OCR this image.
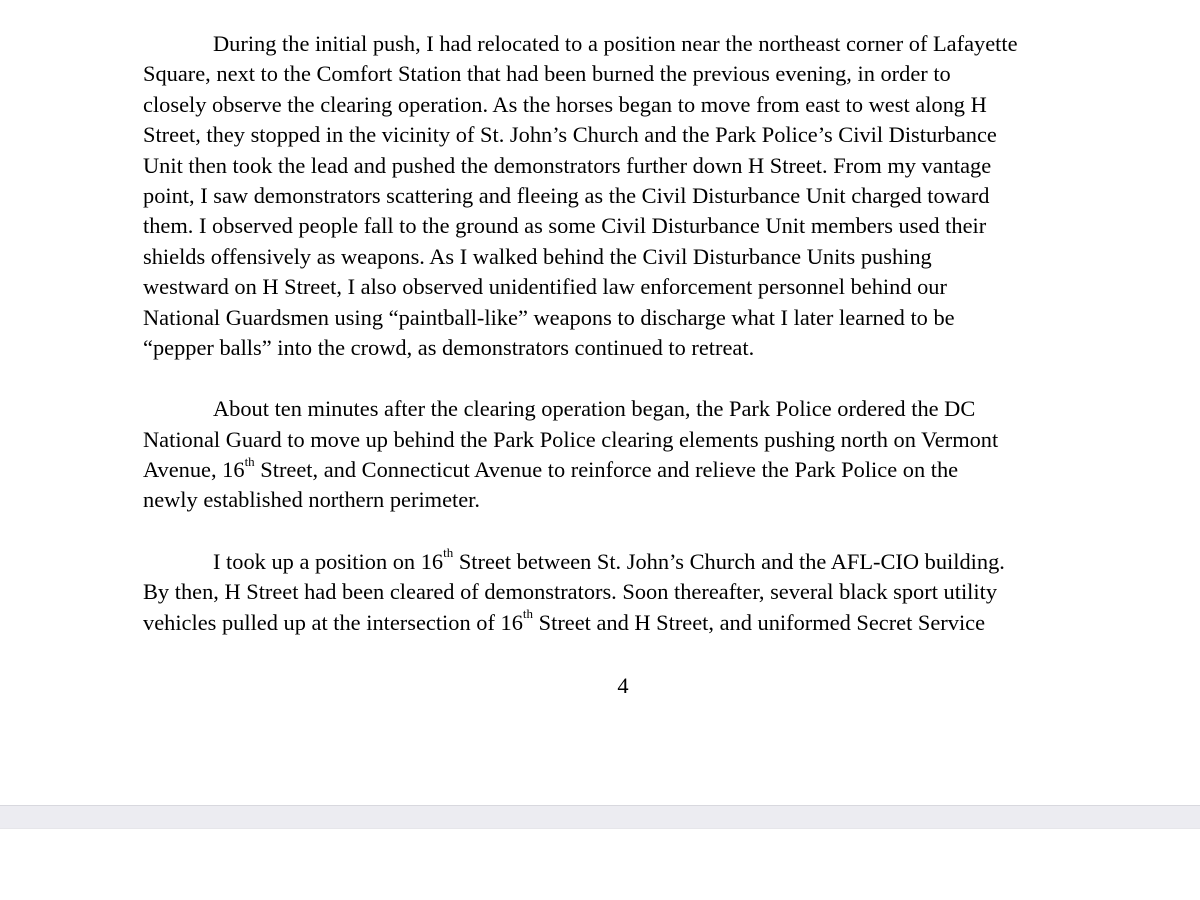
During the initial push, I had relocated to a position near the northeast corner of Lafayette
Square, next to the Comfort Station that had been burned the previous evening, in order to
closely observe the clearing operation. As the horses began to move from east to west along H
Street, they stopped in the vicinity of St. John’s Church and the Park Police’s Civil Disturbance
Unit then took the lead and pushed the demonstrators further down H Street. From my vantage
point, I saw demonstrators scattering and fleeing as the Civil Disturbance Unit charged toward
them. I observed people fall to the ground as some Civil Disturbance Unit members used their
shields offensively as weapons. As I walked behind the Civil Disturbance Units pushing
westward on H Street, I also observed unidentified law enforcement personnel behind our
National Guardsmen using “paintball-like” weapons to discharge what I later learned to be
“pepper balls” into the crowd, as demonstrators continued to retreat.

About ten minutes after the clearing operation began, the Park Police ordered the DC
National Guard to move up behind the Park Police clearing elements pushing north on Vermont
Avenue, 16th Street, and Connecticut Avenue to reinforce and relieve the Park Police on the
newly established northern perimeter.

I took up a position on 16th Street between St. John’s Church and the AFL-CIO building.
By then, H Street had been cleared of demonstrators. Soon thereafter, several black sport utility
vehicles pulled up at the intersection of 16th Street and H Street, and uniformed Secret Service

4
